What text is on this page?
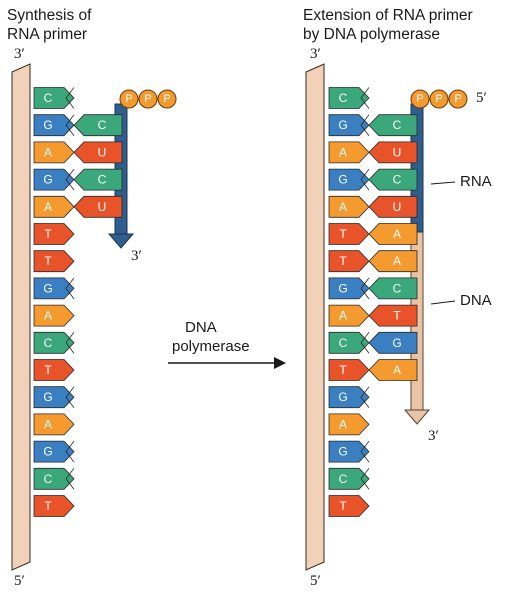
Synthesis of
RNA primer
Extension of RNA primer
by DNA polymerase
3′
5′
3′
3′
5′
5′
3′
RNA
DNA
DNA
polymerase
C
G
A
G
A
T
T
G
A
C
T
G
A
G
C
T
C
U
C
U
P P P	C
G
A
G
A
T
T
G
A
C
T
G
A
G
C
T
C
U
C
U
A
A
C
T
G
A
P P P
